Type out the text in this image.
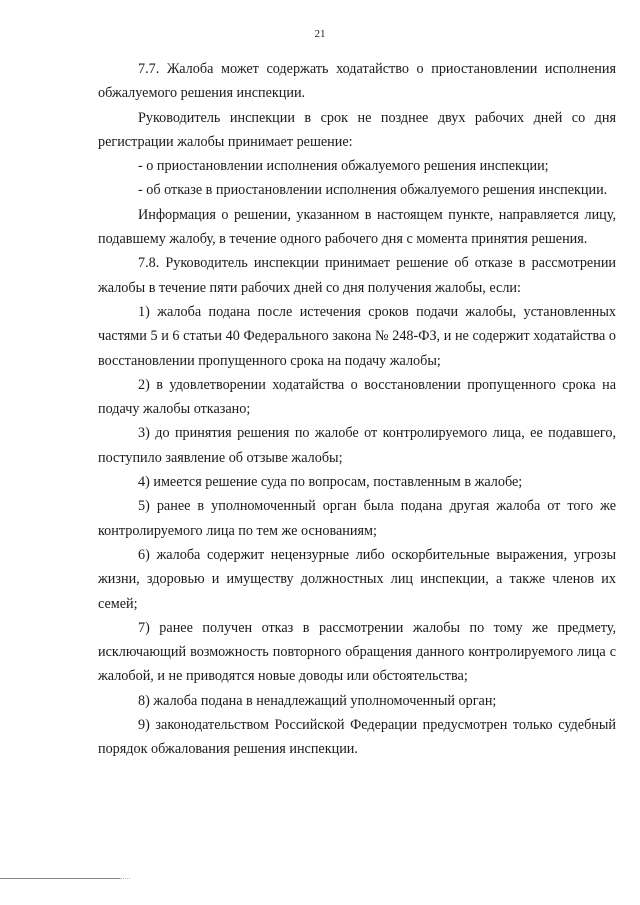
21

7.7. Жалоба может содержать ходатайство о приостановлении исполнения обжалуемого решения инспекции.

Руководитель инспекции в срок не позднее двух рабочих дней со дня регистрации жалобы принимает решение:

- о приостановлении исполнения обжалуемого решения инспекции;

- об отказе в приостановлении исполнения обжалуемого решения инспекции.

Информация о решении, указанном в настоящем пункте, направляется лицу, подавшему жалобу, в течение одного рабочего дня с момента принятия решения.

7.8. Руководитель инспекции принимает решение об отказе в рассмотрении жалобы в течение пяти рабочих дней со дня получения жалобы, если:

1) жалоба подана после истечения сроков подачи жалобы, установленных частями 5 и 6 статьи 40 Федерального закона № 248-ФЗ, и не содержит ходатайства о восстановлении пропущенного срока на подачу жалобы;

2) в удовлетворении ходатайства о восстановлении пропущенного срока на подачу жалобы отказано;

3) до принятия решения по жалобе от контролируемого лица, ее подавшего, поступило заявление об отзыве жалобы;

4) имеется решение суда по вопросам, поставленным в жалобе;

5) ранее в уполномоченный орган была подана другая жалоба от того же контролируемого лица по тем же основаниям;

6) жалоба содержит нецензурные либо оскорбительные выражения, угрозы жизни, здоровью и имуществу должностных лиц инспекции, а также членов их семей;

7) ранее получен отказ в рассмотрении жалобы по тому же предмету, исключающий возможность повторного обращения данного контролируемого лица с жалобой, и не приводятся новые доводы или обстоятельства;

8) жалоба подана в ненадлежащий уполномоченный орган;

9) законодательством Российской Федерации предусмотрен только судебный порядок обжалования решения инспекции.
